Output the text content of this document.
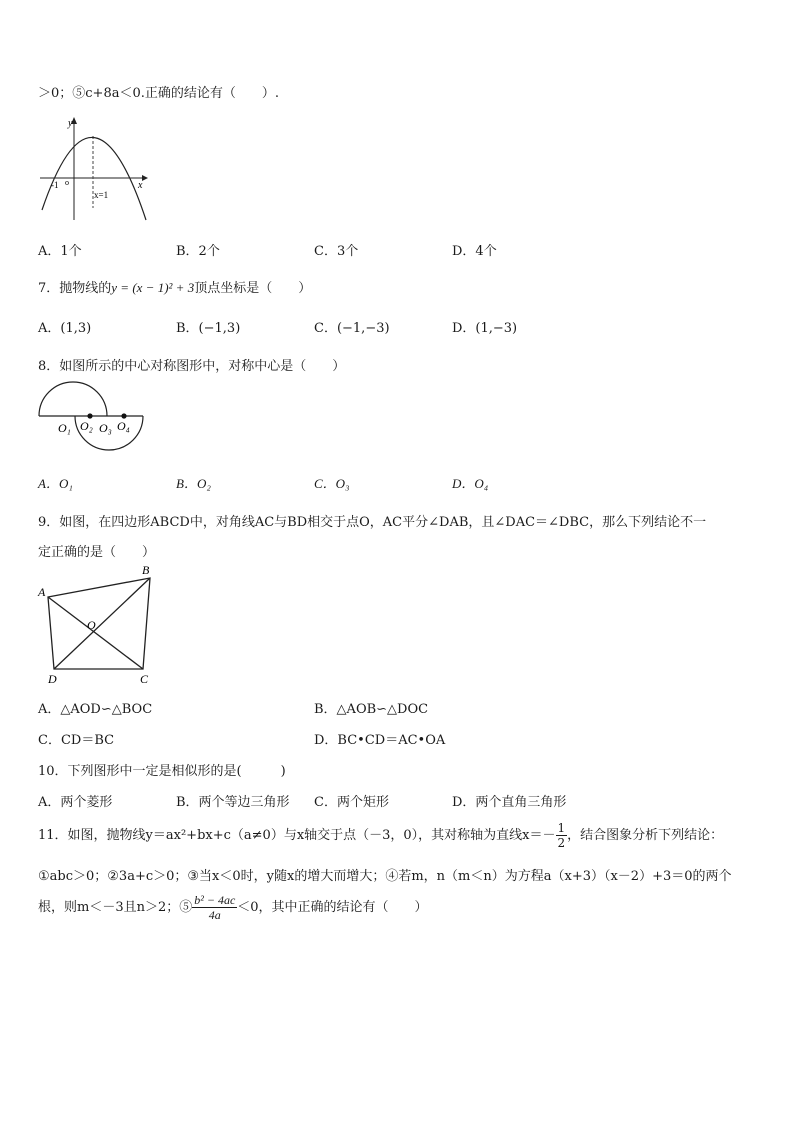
＞0；⑤c+8a＜0.正确的结论有（　　）.
y
x
-1 o
x=1
A．1个	B．2个	C．3个	D．4个
7．抛物线的y = (x − 1)² + 3顶点坐标是（　　）
A．(1,3)	B．(−1,3)	C．(−1,−3)	D．(1,−3)
8．如图所示的中心对称图形中，对称中心是（　　）
O₁ O₂ O₃ O₄
A．O₁	B．O₂	C．O₃	D．O₄
9．如图，在四边形ABCD中，对角线AC与BD相交于点O，AC平分∠DAB，且∠DAC＝∠DBC，那么下列结论不一
定正确的是（　　）
A
B
C
D
O
A．△AOD∽△BOC	B．△AOB∽△DOC
C．CD＝BC	D．BC•CD＝AC•OA
10．下列图形中一定是相似形的是(　　　)
A．两个菱形	B．两个等边三角形 C．两个矩形	D．两个直角三角形
11．如图，抛物线y＝ax²+bx+c（a≠0）与x轴交于点（－3，0），其对称轴为直线$x=- \frac{1}{2}$ ，结合图象分析下列结论：
①abc＞0；②3a+c＞0；③当x＜0时，y随x的增大而增大；④若m，n（m＜n）为方程a（x+3）（x－2）+3＝0的两个
根，则m＜－3且n＞2；⑤ $\frac{\text{b² − 4ac}}{4a} <0$，其中正确的结论有（　　）
